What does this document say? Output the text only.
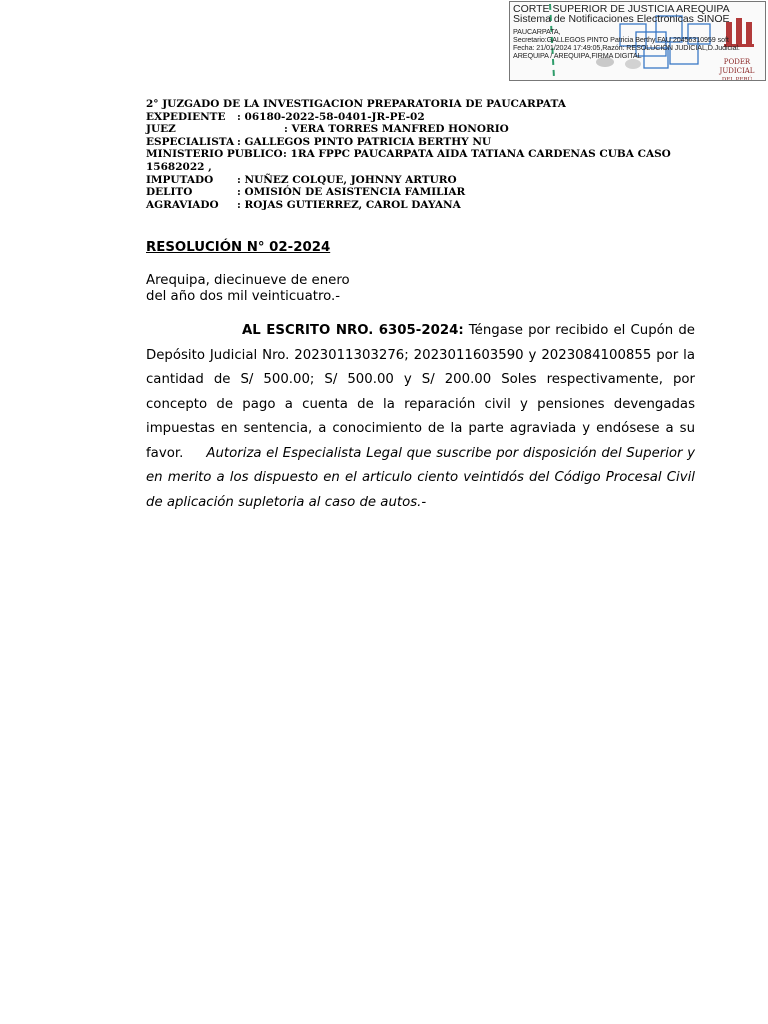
CORTE SUPERIOR DE JUSTICIA AREQUIPA
Sistema de Notificaciones Electronicas SINOE
PAUCARPATA,
Secretario:GALLEGOS PINTO Patricia Berthy FAU 20456310959 soft
Fecha: 21/01/2024 17:49:05,Razón: RESOLUCIÓN JUDICIAL,D.Judicial:
AREQUIPA / AREQUIPA,FIRMA DIGITAL
PODER JUDICIAL
DEL PERÚ
2° JUZGADO DE LA INVESTIGACION PREPARATORIA DE PAUCARPATA
EXPEDIENTE : 06180-2022-58-0401-JR-PE-02
JUEZ	: VERA TORRES MANFRED HONORIO
ESPECIALISTA : GALLEGOS PINTO PATRICIA BERTHY NU
MINISTERIO PUBLICO : 1RA FPPC PAUCARPATA AIDA TATIANA CARDENAS CUBA CASO
15682022 ,
IMPUTADO : NUÑEZ COLQUE, JOHNNY ARTURO
DELITO	: OMISIÓN DE ASISTENCIA FAMILIAR
AGRAVIADO : ROJAS GUTIERREZ, CAROL DAYANA
RESOLUCIÓN N° 02-2024
Arequipa, diecinueve de enero
del año dos mil veinticuatro.-
AL ESCRITO NRO. 6305-2024: Téngase por recibido el Cupón de Depósito Judicial Nro. 2023011303276; 2023011603590 y 2023084100855 por la cantidad de S/ 500.00; S/ 500.00 y S/ 200.00 Soles respectivamente, por concepto de pago a cuenta de la reparación civil y pensiones devengadas impuestas en sentencia, a conocimiento de la parte agraviada y endósese a su favor. Autoriza el Especialista Legal que suscribe por disposición del Superior y en merito a los dispuesto en el articulo ciento veintidós del Código Procesal Civil de aplicación supletoria al caso de autos.-
